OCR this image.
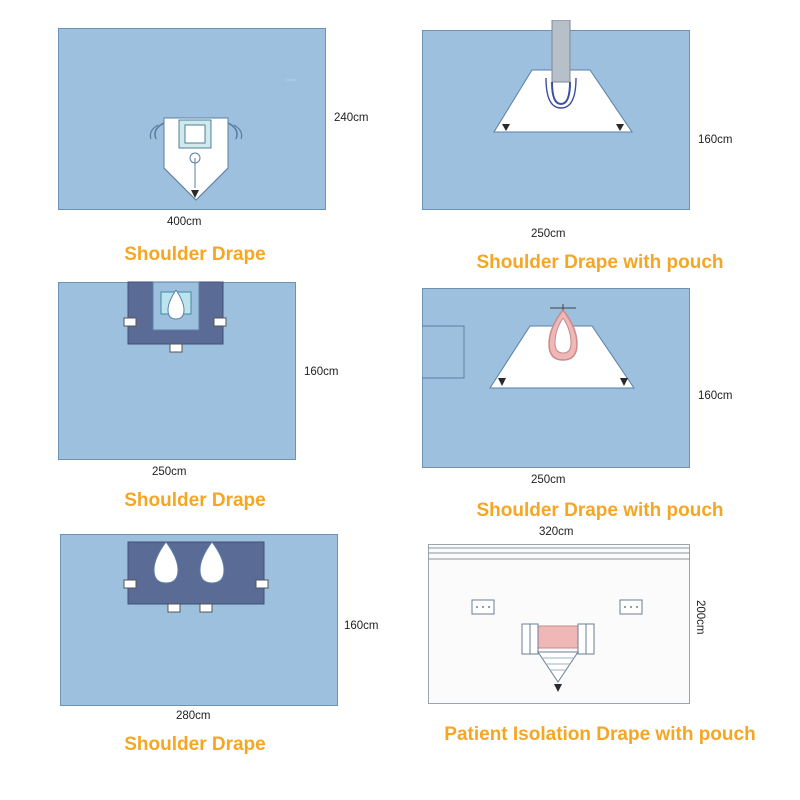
240cm
400cm
Shoulder Drape
160cm
250cm
Shoulder Drape with pouch
160cm
250cm
Shoulder Drape
160cm
250cm
Shoulder Drape with pouch
160cm
280cm
Shoulder Drape
320cm
200cm
Patient Isolation Drape with pouch
